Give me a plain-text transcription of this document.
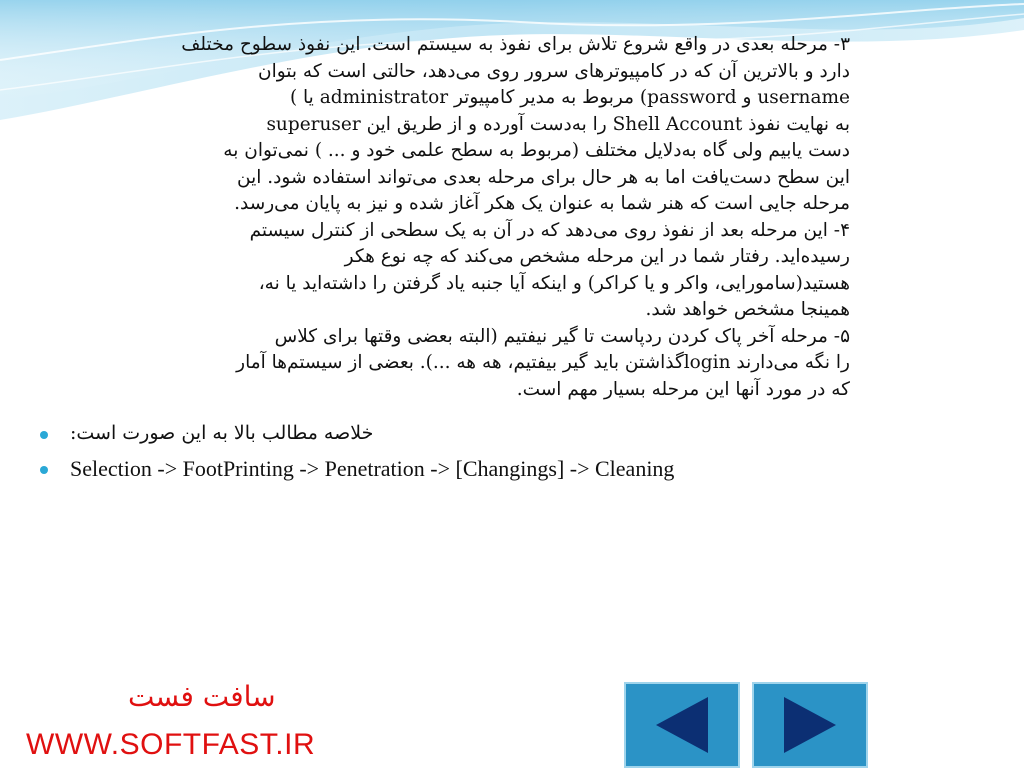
۳- مرحله بعدی در واقع شروع تلاش برای نفوذ به سیستم است. این نفوذ سطوح مختلف
دارد و بالاترین آن که در کامپیوترهای سرور روی می‌دهد، حالتی است که بتوان
username و password) مربوط به مدیر کامپیوتر administrator یا )
به نهایت نفوذ Shell Account را به‌دست آورده و از طریق این superuser
دست یابیم ولی گاه به‌دلایل مختلف (مربوط به سطح علمی خود و ... ) نمی‌توان به
این سطح دست‌یافت اما به هر حال برای مرحله بعدی می‌تواند استفاده شود. این
مرحله جایی است که هنر شما به عنوان یک هکر آغاز شده و نیز به پایان می‌رسد.
۴- این مرحله بعد از نفوذ روی می‌دهد که در آن به یک سطحی از کنترل سیستم
رسیده‌اید. رفتار شما در این مرحله مشخص می‌کند که چه نوع هکر
هستید(سامورایی، واکر و یا کراکر) و اینکه آیا جنبه یاد گرفتن را داشته‌اید یا نه،
همینجا مشخص خواهد شد.
۵- مرحله آخر پاک کردن ردپاست تا گیر نیفتیم (البته بعضی وقتها برای کلاس
را نگه می‌دارند loginگذاشتن باید گیر بیفتیم، هه هه ...). بعضی از سیستم‌ها آمار
که در مورد آنها این مرحله بسیار مهم است.

خلاصه مطالب بالا به این صورت است:
Selection -> FootPrinting -> Penetration -> [Changings] -> Cleaning
سافت فست
WWW.SOFTFAST.IR
